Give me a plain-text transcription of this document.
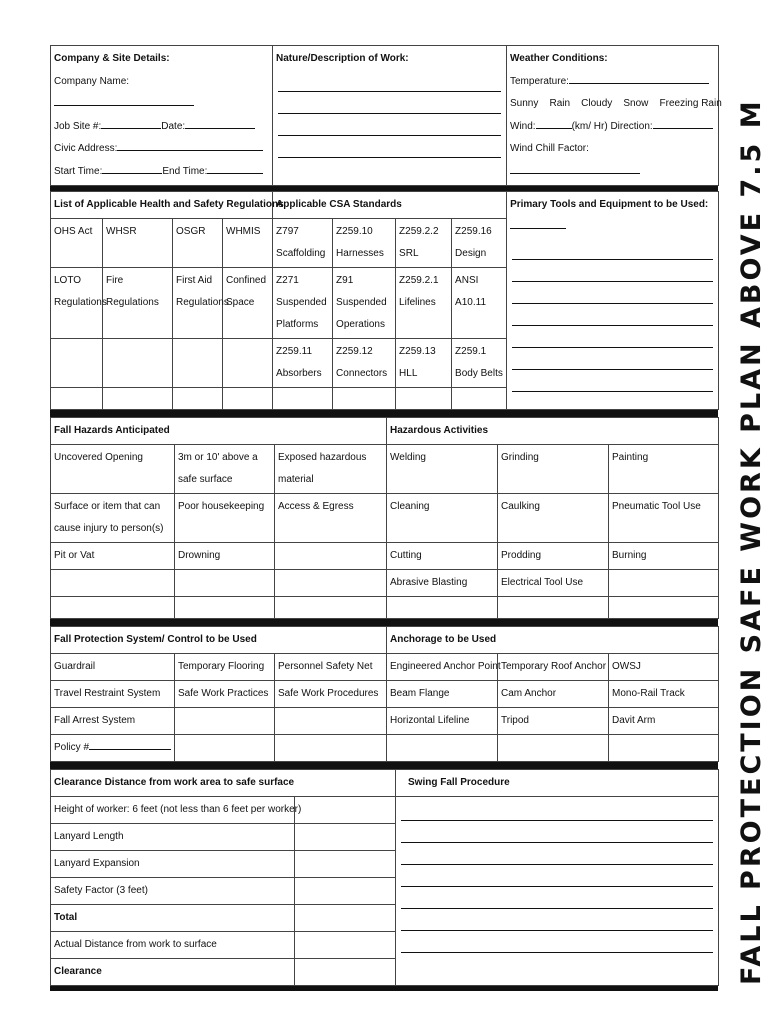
Company & Site Details:
Company Name:
Job Site #:	Date:
Civic Address:
Start Time:	End Time:

Nature/Description of Work:	Weather Conditions:
Temperature:
Sunny    Rain    Cloudy    Snow    Freezing Rain
Wind:	(km/ Hr) Direction:
Wind Chill Factor:
List of Applicable Health and Safety Regulations				Applicable CSA Standards				Primary Tools and Equipment to be Used:

OHS Act	WHSR	OSGR	WHMIS	Z797 Scaffolding	Z259.10 Harnesses	Z259.2.2 SRL	Z259.16 Design	
LOTO Regulations	Fire Regulations	First Aid Regulations	Confined Space	Z271 Suspended Platforms	Z91 Suspended Operations	Z259.2.1 Lifelines	ANSI A10.11	
				Z259.11 Absorbers	Z259.12 Connectors	Z259.13 HLL	Z259.1 Body Belts	

Fall Hazards Anticipated			Hazardous Activities		
Uncovered Opening	3m or 10' above a safe surface	Exposed hazardous material	Welding	Grinding	Painting
Surface or item that can cause injury to person(s)	Poor housekeeping	Access & Egress	Cleaning	Caulking	Pneumatic Tool Use
Pit or Vat	Drowning		Cutting	Prodding	Burning
			Abrasive Blasting	Electrical Tool Use	

Fall Protection System/ Control to be Used			Anchorage to be Used		
Guardrail	Temporary Flooring	Personnel Safety Net	Engineered Anchor Point	Temporary Roof Anchor	OWSJ
Travel Restraint System	Safe Work Practices	Safe Work Procedures	Beam Flange	Cam Anchor	Mono-Rail Track
Fall Arrest System			Horizontal Lifeline	Tripod	Davit Arm
Policy #					
Clearance Distance from work area to safe surface		Swing Fall Procedure
Height of worker: 6 feet (not less than 6 feet per worker)		

Lanyard Length		
Lanyard Expansion		
Safety Factor (3 feet)		
Total		
Actual Distance from work to surface		
Clearance			FALL PROTECTION SAFE WORK PLAN ABOVE 7.5 M
